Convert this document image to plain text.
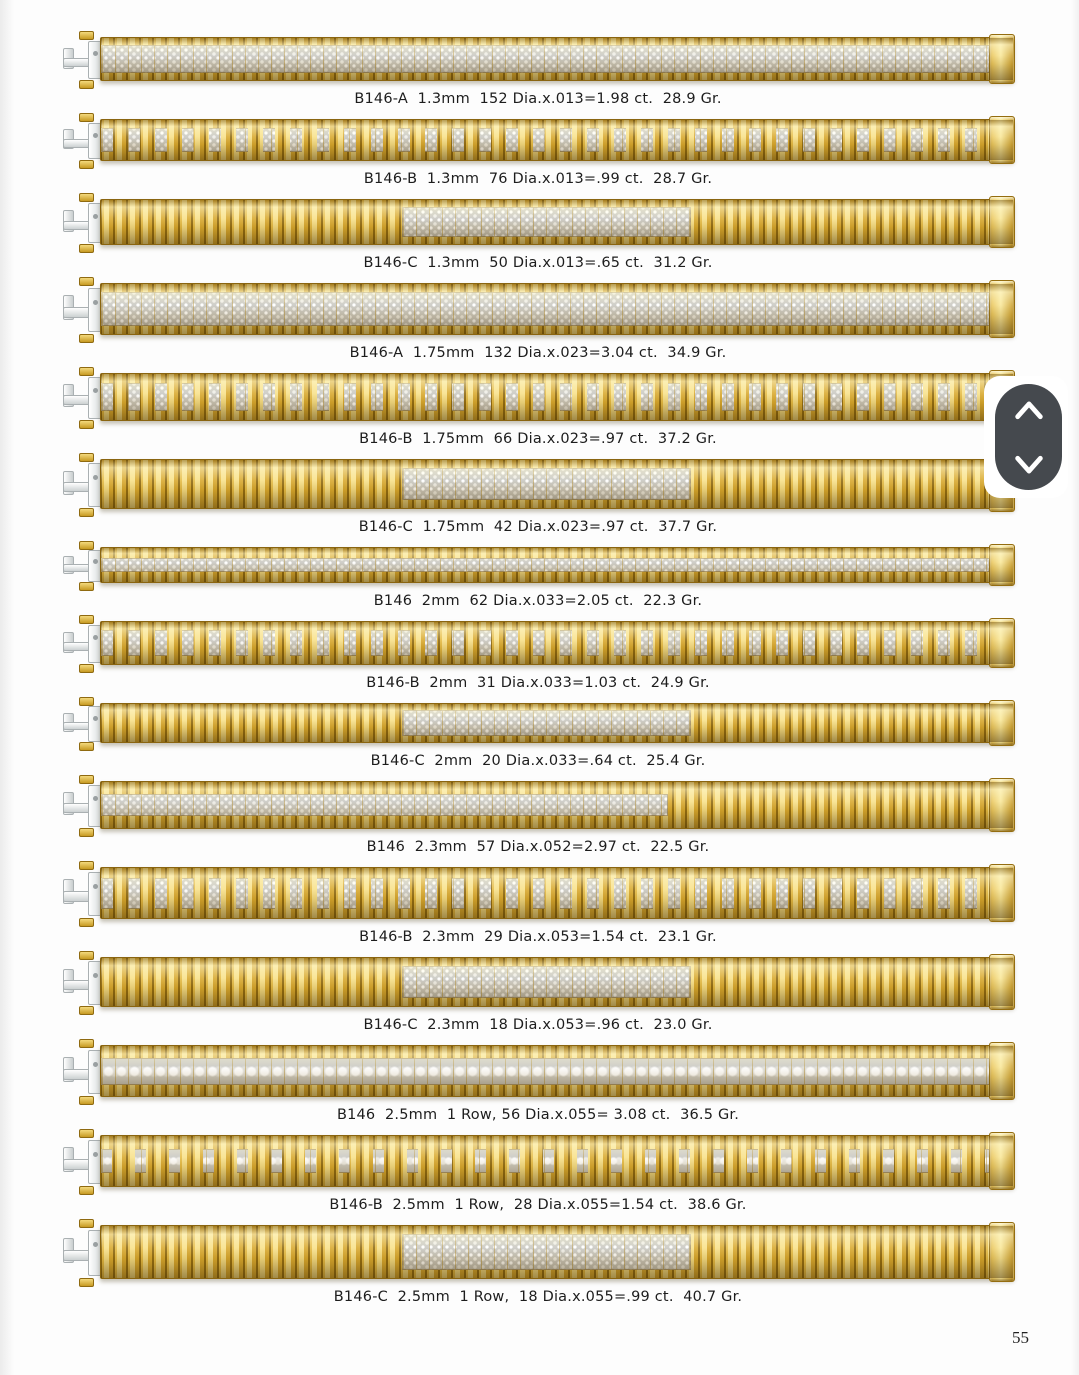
B146-A  1.3mm  152 Dia.x.013=1.98 ct.  28.9 Gr.
B146-B  1.3mm  76 Dia.x.013=.99 ct.  28.7 Gr.
B146-C  1.3mm  50 Dia.x.013=.65 ct.  31.2 Gr.
B146-A  1.75mm  132 Dia.x.023=3.04 ct.  34.9 Gr.
B146-B  1.75mm  66 Dia.x.023=.97 ct.  37.2 Gr.
B146-C  1.75mm  42 Dia.x.023=.97 ct.  37.7 Gr.
B146  2mm  62 Dia.x.033=2.05 ct.  22.3 Gr.
B146-B  2mm  31 Dia.x.033=1.03 ct.  24.9 Gr.
B146-C  2mm  20 Dia.x.033=.64 ct.  25.4 Gr.
B146  2.3mm  57 Dia.x.052=2.97 ct.  22.5 Gr.
B146-B  2.3mm  29 Dia.x.053=1.54 ct.  23.1 Gr.
B146-C  2.3mm  18 Dia.x.053=.96 ct.  23.0 Gr.
B146  2.5mm  1 Row, 56 Dia.x.055= 3.08 ct.  36.5 Gr.
B146-B  2.5mm  1 Row,  28 Dia.x.055=1.54 ct.  38.6 Gr.
B146-C  2.5mm  1 Row,  18 Dia.x.055=.99 ct.  40.7 Gr.
55
